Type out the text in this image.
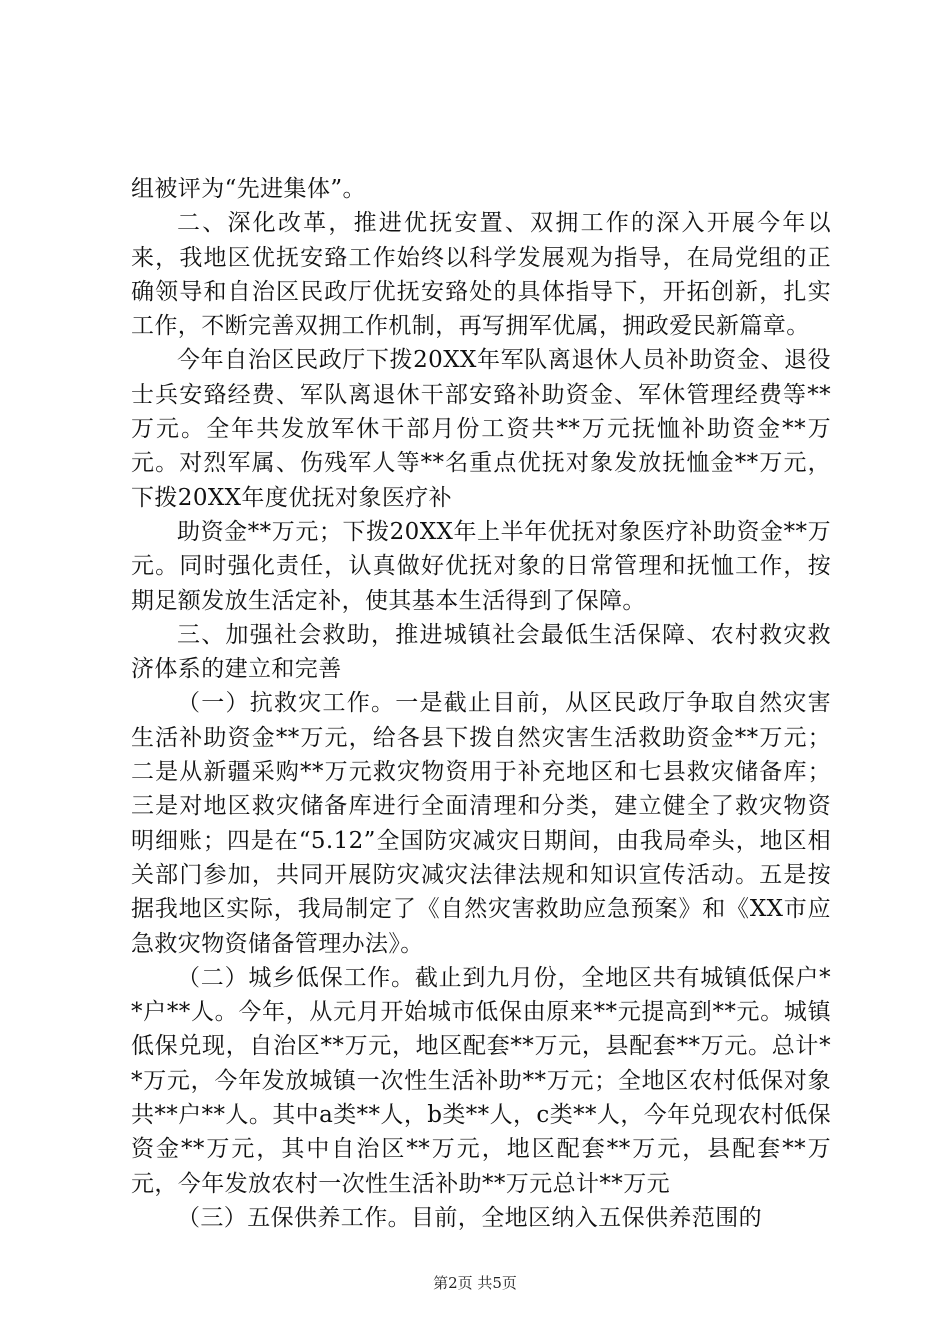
组被评为“先进集体”。

二、深化改革，推进优抚安置、双拥工作的深入开展今年以来，我地区优抚安臵工作始终以科学发展观为指导，在局党组的正确领导和自治区民政厅优抚安臵处的具体指导下，开拓创新，扎实工作，不断完善双拥工作机制，再写拥军优属，拥政爱民新篇章。

今年自治区民政厅下拨20XX年军队离退休人员补助资金、退役士兵安臵经费、军队离退休干部安臵补助资金、军休管理经费等**万元。全年共发放军休干部月份工资共**万元抚恤补助资金**万元。对烈军属、伤残军人等**名重点优抚对象发放抚恤金**万元，下拨20XX年度优抚对象医疗补

助资金**万元；下拨20XX年上半年优抚对象医疗补助资金**万元。同时强化责任，认真做好优抚对象的日常管理和抚恤工作，按期足额发放生活定补，使其基本生活得到了保障。

三、加强社会救助，推进城镇社会最低生活保障、农村救灾救济体系的建立和完善

（一）抗救灾工作。一是截止目前，从区民政厅争取自然灾害生活补助资金**万元，给各县下拨自然灾害生活救助资金**万元；二是从新疆采购**万元救灾物资用于补充地区和七县救灾储备库；三是对地区救灾储备库进行全面清理和分类，建立健全了救灾物资明细账；四是在“5.12”全国防灾减灾日期间，由我局牵头，地区相关部门参加，共同开展防灾减灾法律法规和知识宣传活动。五是按据我地区实际，我局制定了《自然灾害救助应急预案》和《XX市应急救灾物资储备管理办法》。

（二）城乡低保工作。截止到九月份，全地区共有城镇低保户**户**人。今年，从元月开始城市低保由原来**元提高到**元。城镇低保兑现，自治区**万元，地区配套**万元，县配套**万元。总计**万元，今年发放城镇一次性生活补助**万元；全地区农村低保对象共**户**人。其中a类**人，b类**人，c类**人，今年兑现农村低保资金**万元，其中自治区**万元，地区配套**万元，县配套**万元，今年发放农村一次性生活补助**万元总计**万元

（三）五保供养工作。目前，全地区纳入五保供养范围的

第2页 共5页
